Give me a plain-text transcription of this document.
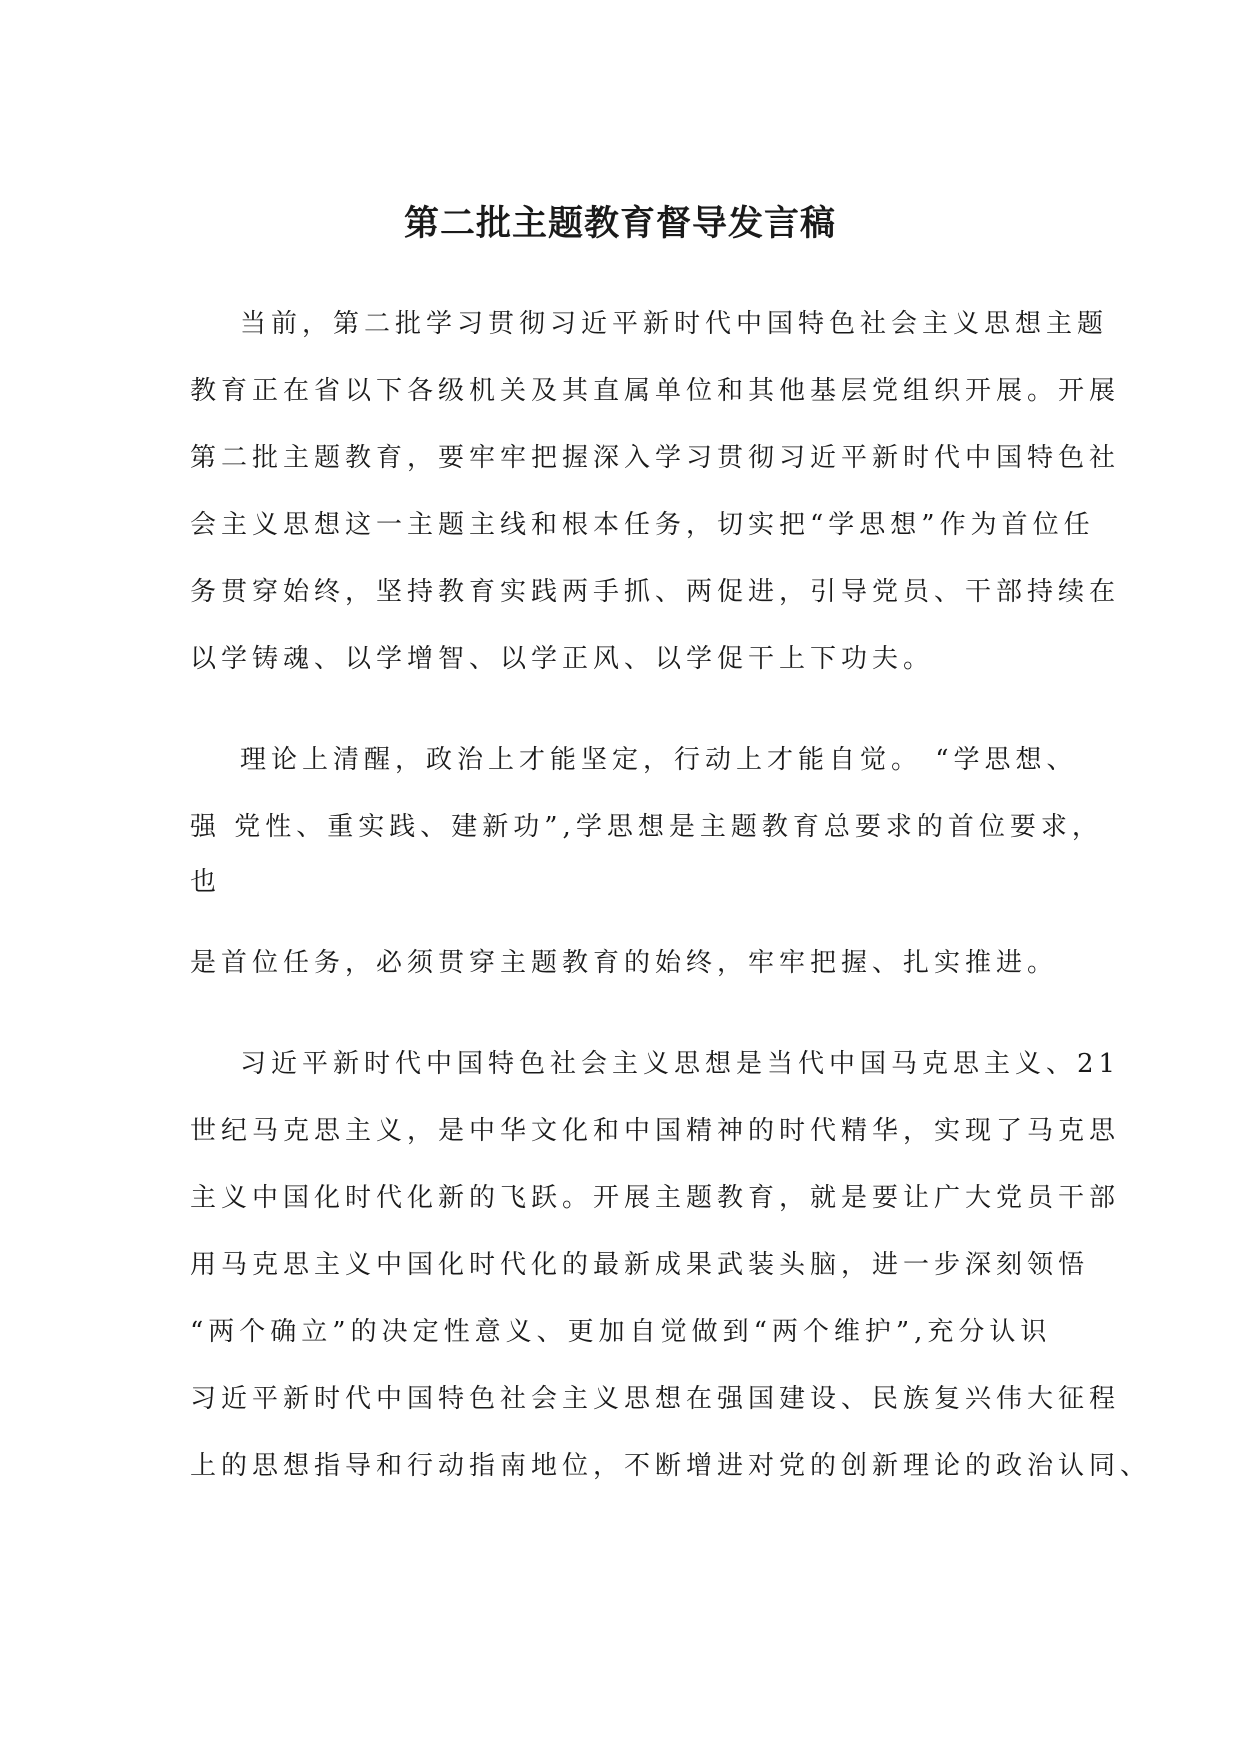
第二批主题教育督导发言稿

当前，第二批学习贯彻习近平新时代中国特色社会主义思想主题

教育正在省以下各级机关及其直属单位和其他基层党组织开展。开展

第二批主题教育，要牢牢把握深入学习贯彻习近平新时代中国特色社

会主义思想这一主题主线和根本任务，切实把“学思想”作为首位任

务贯穿始终，坚持教育实践两手抓、两促进，引导党员、干部持续在

以学铸魂、以学增智、以学正风、以学促干上下功夫。

理论上清醒，政治上才能坚定，行动上才能自觉。 “学思想、

强 党性、重实践、建新功”,学思想是主题教育总要求的首位要求，

也

是首位任务，必须贯穿主题教育的始终，牢牢把握、扎实推进。

习近平新时代中国特色社会主义思想是当代中国马克思主义、21

世纪马克思主义，是中华文化和中国精神的时代精华，实现了马克思

主义中国化时代化新的飞跃。开展主题教育，就是要让广大党员干部

用马克思主义中国化时代化的最新成果武装头脑，进一步深刻领悟

“两个确立”的决定性意义、更加自觉做到“两个维护”,充分认识

习近平新时代中国特色社会主义思想在强国建设、民族复兴伟大征程

上的思想指导和行动指南地位，不断增进对党的创新理论的政治认同、
